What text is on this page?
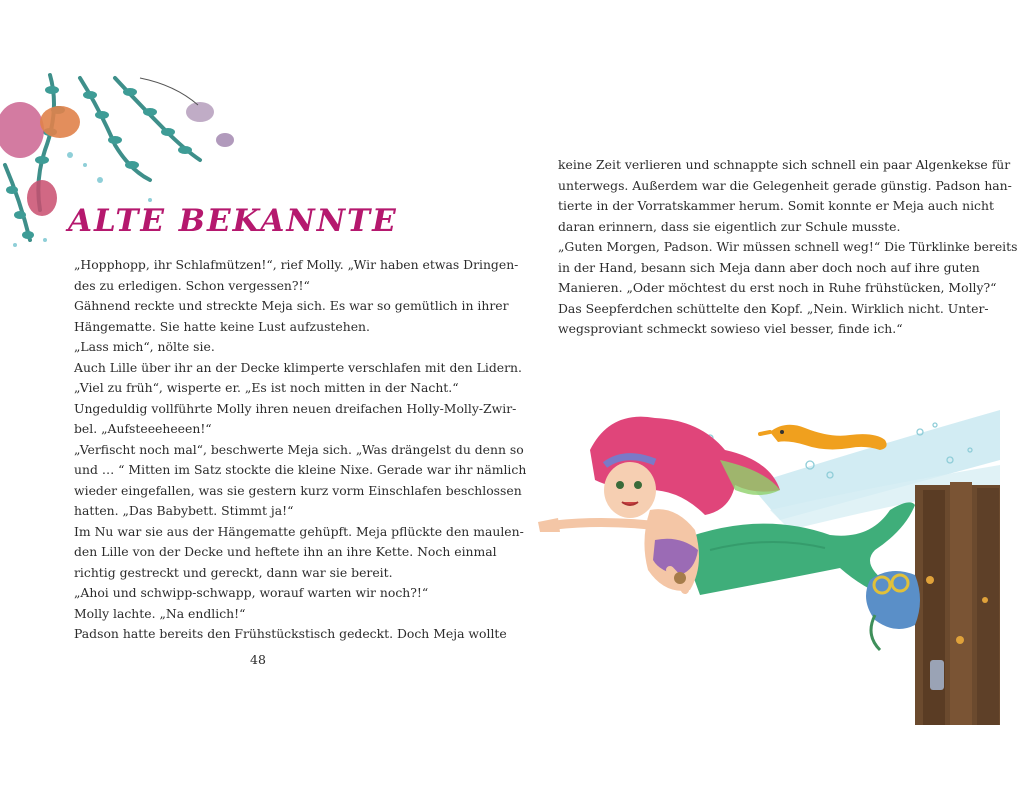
ALTE BEKANNTE
„Hopphopp, ihr Schlafmützen!“, rief Molly. „Wir haben etwas Dringen-
des zu erledigen. Schon vergessen?!“
Gähnend reckte und streckte Meja sich. Es war so gemütlich in ihrer
Hängematte. Sie hatte keine Lust aufzustehen.
„Lass mich“, nölte sie.
Auch Lille über ihr an der Decke klimperte verschlafen mit den Lidern.
„Viel zu früh“, wisperte er. „Es ist noch mitten in der Nacht.“
Ungeduldig vollführte Molly ihren neuen dreifachen Holly-Molly-Zwir-
bel. „Aufsteeeheeen!“
„Verfischt noch mal“, beschwerte Meja sich. „Was drängelst du denn so
und … “ Mitten im Satz stockte die kleine Nixe. Gerade war ihr nämlich
wieder eingefallen, was sie gestern kurz vorm Einschlafen beschlossen
hatten. „Das Babybett. Stimmt ja!“
Im Nu war sie aus der Hängematte gehüpft. Meja pflückte den maulen-
den Lille von der Decke und heftete ihn an ihre Kette. Noch einmal
richtig gestreckt und gereckt, dann war sie bereit.
„Ahoi und schwipp-schwapp, worauf warten wir noch?!“
Molly lachte. „Na endlich!“
Padson hatte bereits den Frühstückstisch gedeckt. Doch Meja wollte
48
keine Zeit verlieren und schnappte sich schnell ein paar Algenkekse für
unterwegs. Außerdem war die Gelegenheit gerade günstig. Padson han-
tierte in der Vorratskammer herum. Somit konnte er Meja auch nicht
daran erinnern, dass sie eigentlich zur Schule musste.
„Guten Morgen, Padson. Wir müssen schnell weg!“ Die Türklinke bereits
in der Hand, besann sich Meja dann aber doch noch auf ihre guten
Manieren. „Oder möchtest du erst noch in Ruhe frühstücken, Molly?“
Das Seepferdchen schüttelte den Kopf. „Nein. Wirklich nicht. Unter-
wegsproviant schmeckt sowieso viel besser, finde ich.“
